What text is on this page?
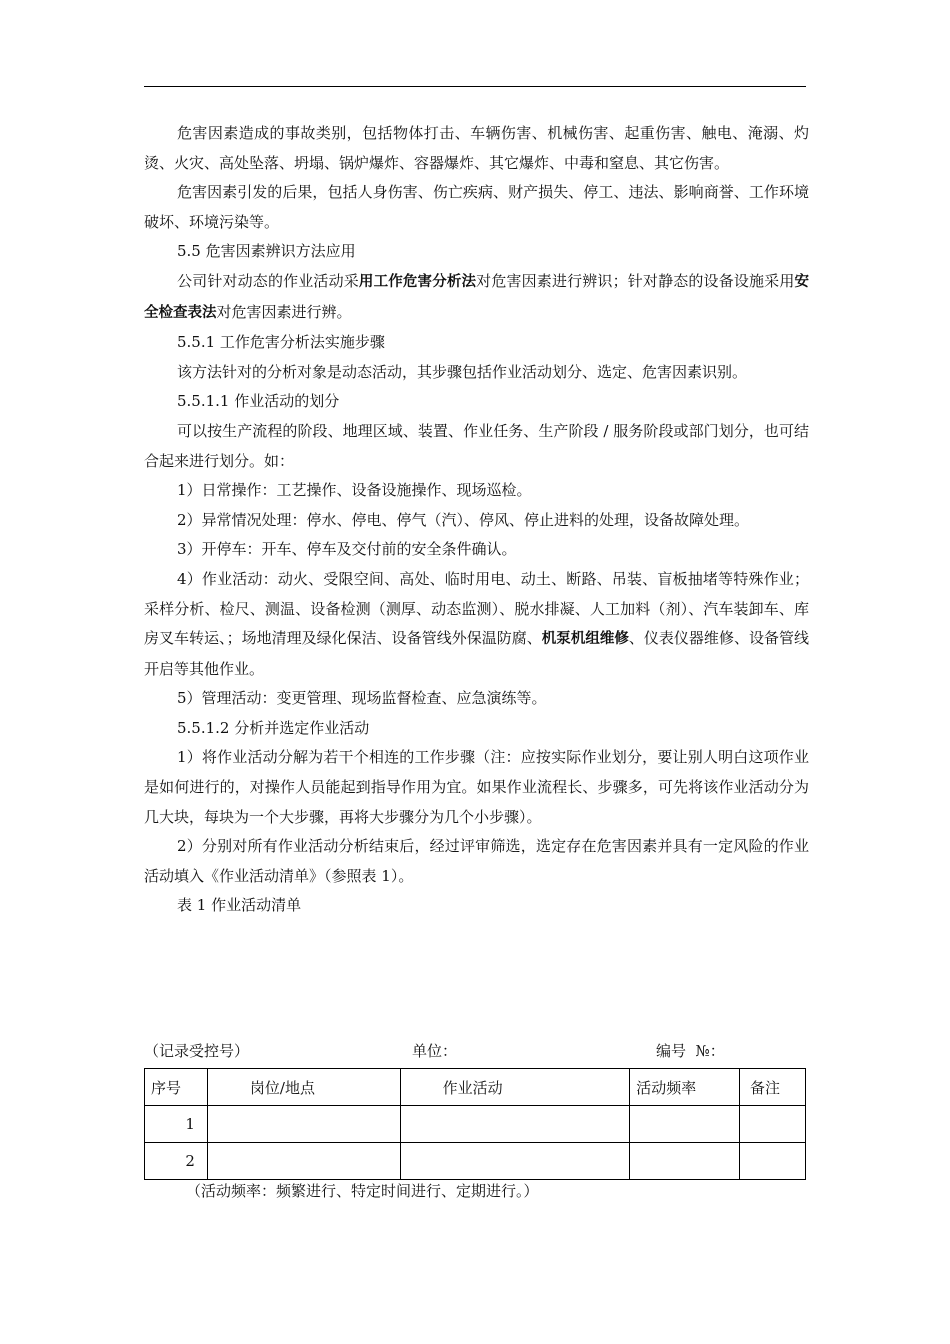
危害因素造成的事故类别，包括物体打击、车辆伤害、机械伤害、起重伤害、触电、淹溺、灼烫、火灾、高处坠落、坍塌、锅炉爆炸、容器爆炸、其它爆炸、中毒和窒息、其它伤害。

危害因素引发的后果，包括人身伤害、伤亡疾病、财产损失、停工、违法、影响商誉、工作环境破坏、环境污染等。

5.5 危害因素辨识方法应用

公司针对动态的作业活动采用工作危害分析法对危害因素进行辨识；针对静态的设备设施采用安全检查表法对危害因素进行辨。

5.5.1 工作危害分析法实施步骤

该方法针对的分析对象是动态活动，其步骤包括作业活动划分、选定、危害因素识别。

5.5.1.1 作业活动的划分

可以按生产流程的阶段、地理区域、装置、作业任务、生产阶段 / 服务阶段或部门划分，也可结合起来进行划分。如：

1）日常操作：工艺操作、设备设施操作、现场巡检。

2）异常情况处理：停水、停电、停气（汽）、停风、停止进料的处理，设备故障处理。

3）开停车：开车、停车及交付前的安全条件确认。

4）作业活动：动火、受限空间、高处、临时用电、动土、断路、吊装、盲板抽堵等特殊作业；采样分析、检尺、测温、设备检测（测厚、动态监测）、脱水排凝、人工加料（剂）、汽车装卸车、库房叉车转运、；场地清理及绿化保洁、设备管线外保温防腐、机泵机组维修、仪表仪器维修、设备管线开启等其他作业。

5）管理活动：变更管理、现场监督检查、应急演练等。

5.5.1.2 分析并选定作业活动

1）将作业活动分解为若干个相连的工作步骤（注：应按实际作业划分，要让别人明白这项作业是如何进行的，对操作人员能起到指导作用为宜。如果作业流程长、步骤多，可先将该作业活动分为几大块，每块为一个大步骤，再将大步骤分为几个小步骤）。

2）分别对所有作业活动分析结束后，经过评审筛选，选定存在危害因素并具有一定风险的作业活动填入《作业活动清单》（参照表 1）。

表 1 作业活动清单

（记录受控号）	单位：	编号  №：
序号	岗位/地点	作业活动	活动频率	备注
1				
2				
（活动频率：频繁进行、特定时间进行、定期进行。）
